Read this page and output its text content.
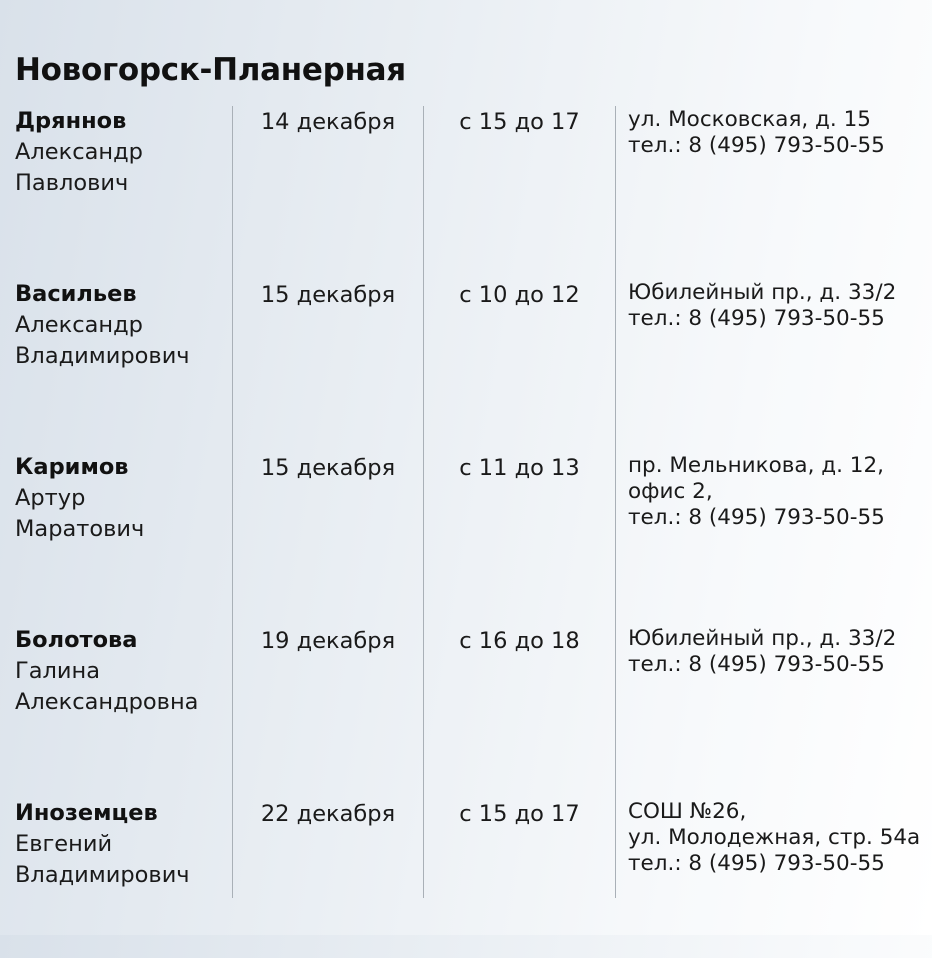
Новогорск-Планерная
Дряннов
Александр
Павлович
14 декабря	с 15 до 17	ул. Московская, д. 15
тел.: 8 (495) 793-50-55
Васильев
Александр
Владимирович
15 декабря	с 10 до 12	Юбилейный пр., д. 33/2
тел.: 8 (495) 793-50-55
Каримов
Артур
Маратович
15 декабря	с 11 до 13	пр. Мельникова, д. 12,
офис 2,
тел.: 8 (495) 793-50-55
Болотова
Галина
Александровна
19 декабря	с 16 до 18	Юбилейный пр., д. 33/2
тел.: 8 (495) 793-50-55
Иноземцев
Евгений
Владимирович
22 декабря	с 15 до 17	СОШ №26,
ул. Молодежная, стр. 54а
тел.: 8 (495) 793-50-55
